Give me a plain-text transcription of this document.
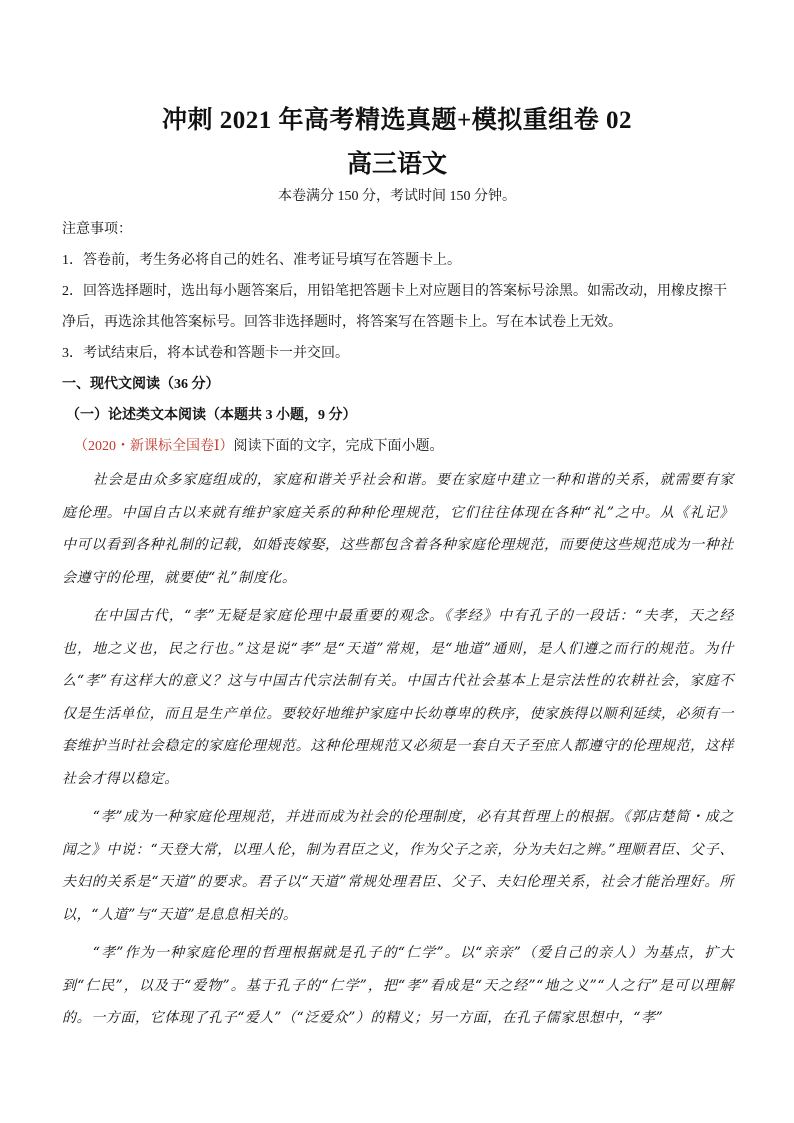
冲刺 2021 年高考精选真题+模拟重组卷 02
高三语文
本卷满分 150 分，考试时间 150 分钟。

注意事项：

1．答卷前，考生务必将自己的姓名、准考证号填写在答题卡上。

2．回答选择题时，选出每小题答案后，用铅笔把答题卡上对应题目的答案标号涂黑。如需改动，用橡皮擦干净后，再选涂其他答案标号。回答非选择题时，将答案写在答题卡上。写在本试卷上无效。

3．考试结束后，将本试卷和答题卡一并交回。

一、现代文阅读（36 分）

（一）论述类文本阅读（本题共 3 小题，9 分）

（2020・新课标全国卷Ⅰ）阅读下面的文字，完成下面小题。

社会是由众多家庭组成的，家庭和谐关乎社会和谐。要在家庭中建立一种和谐的关系，就需要有家庭伦理。中国自古以来就有维护家庭关系的种种伦理规范，它们往往体现在各种“礼”之中。从《礼记》中可以看到各种礼制的记载，如婚丧嫁娶，这些都包含着各种家庭伦理规范，而要使这些规范成为一种社会遵守的伦理，就要使“礼”制度化。

在中国古代，“孝”无疑是家庭伦理中最重要的观念。《孝经》中有孔子的一段话：“夫孝，天之经也，地之义也，民之行也。”这是说“孝”是“天道”常规，是“地道”通则，是人们遵之而行的规范。为什么“孝”有这样大的意义？这与中国古代宗法制有关。中国古代社会基本上是宗法性的农耕社会，家庭不仅是生活单位，而且是生产单位。要较好地维护家庭中长幼尊卑的秩序，使家族得以顺利延续，必须有一套维护当时社会稳定的家庭伦理规范。这种伦理规范又必须是一套自天子至庶人都遵守的伦理规范，这样社会才得以稳定。

“孝”成为一种家庭伦理规范，并进而成为社会的伦理制度，必有其哲理上的根据。《郭店楚简・成之闻之》中说：“天登大常，以理人伦，制为君臣之义，作为父子之亲，分为夫妇之辨。”理顺君臣、父子、夫妇的关系是“天道”的要求。君子以“天道”常规处理君臣、父子、夫妇伦理关系，社会才能治理好。所以，“人道”与“天道”是息息相关的。

“孝”作为一种家庭伦理的哲理根据就是孔子的“仁学”。以“亲亲”（爱自己的亲人）为基点，扩大到“仁民”，以及于“爱物”。基于孔子的“仁学”，把“孝”看成是“天之经”“地之义”“人之行”是可以理解的。一方面，它体现了孔子“爱人”（“泛爱众”）的精义；另一方面，在孔子儒家思想中，“孝”
